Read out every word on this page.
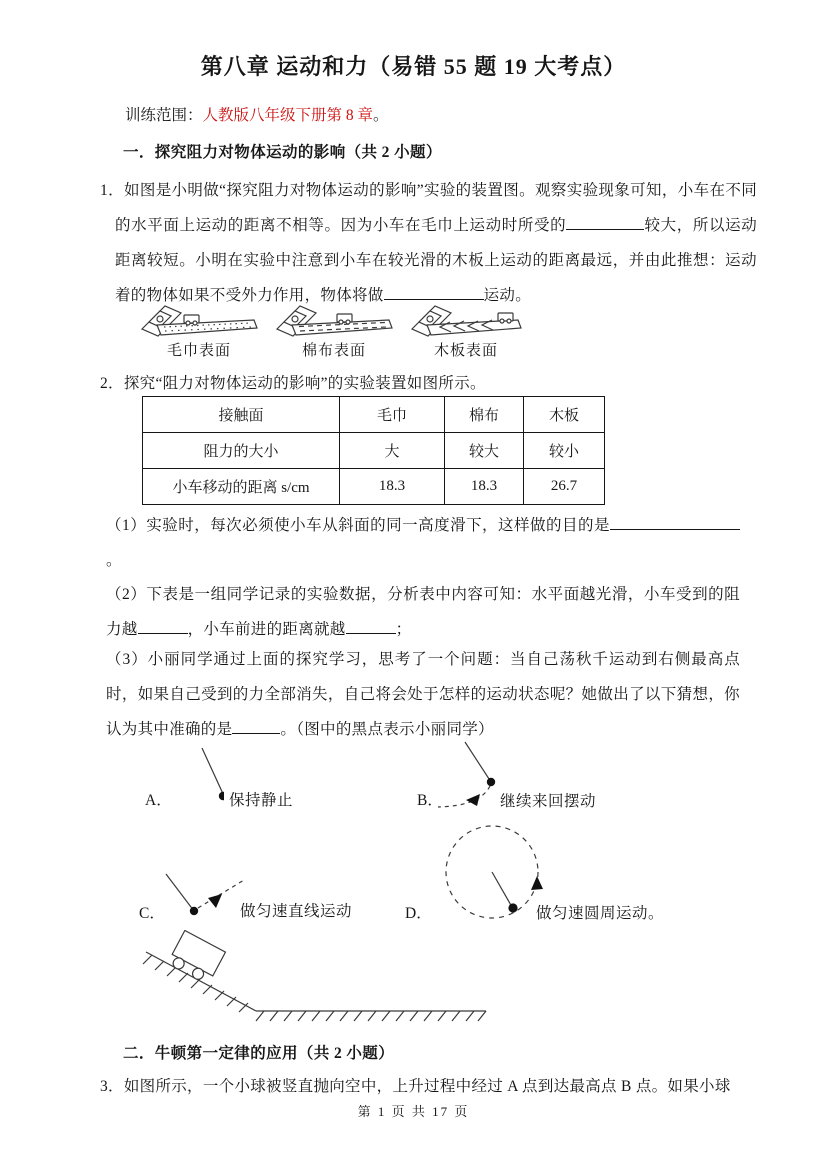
第八章 运动和力（易错 55 题 19 大考点）
训练范围：人教版八年级下册第 8 章。
一．探究阻力对物体运动的影响（共 2 小题）
1．如图是小明做“探究阻力对物体运动的影响”实验的装置图。观察实验现象可知，小车在不同的水平面上运动的距离不相等。因为小车在毛巾上运动时所受的	较大，所以运动距离较短。小明在实验中注意到小车在较光滑的木板上运动的距离最远，并由此推想：运动着的物体如果不受外力作用，物体将做	运动。
毛巾表面	棉布表面	木板表面
2．探究“阻力对物体运动的影响”的实验装置如图所示。
接触面	毛巾	棉布	木板
阻力的大小	大	较大	较小
小车移动的距离 s/cm	18.3	18.3	26.7
（1）实验时，每次必须使小车从斜面的同一高度滑下，这样做的目的是。
（2）下表是一组同学记录的实验数据，分析表中内容可知：水平面越光滑，小车受到的阻力越	，小车前进的距离就越	；
（3）小丽同学通过上面的探究学习，思考了一个问题：当自己荡秋千运动到右侧最高点时，如果自己受到的力全部消失，自己将会处于怎样的运动状态呢？她做出了以下猜想，你认为其中准确的是	。（图中的黑点表示小丽同学）
A．	保持静止	B．	继续来回摆动
C．	做匀速直线运动	D．	做匀速圆周运动。
二．牛顿第一定律的应用（共 2 小题）
3．如图所示，一个小球被竖直抛向空中，上升过程中经过 A 点到达最高点 B 点。如果小球
第 1 页 共 17 页
